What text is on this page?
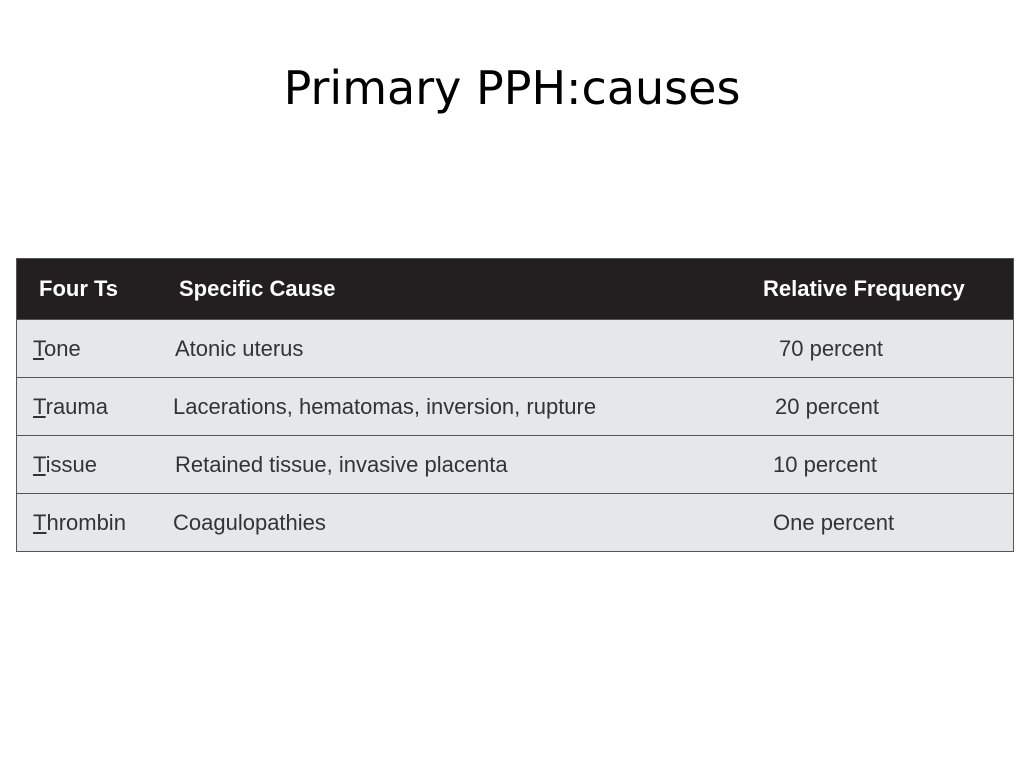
Primary PPH:causes
Four Ts	Specific Cause	Relative Frequency
Tone	Atonic uterus	70 percent
Trauma	Lacerations, hematomas, inversion, rupture	20 percent
Tissue	Retained tissue, invasive placenta	10 percent
Thrombin	Coagulopathies	One percent
